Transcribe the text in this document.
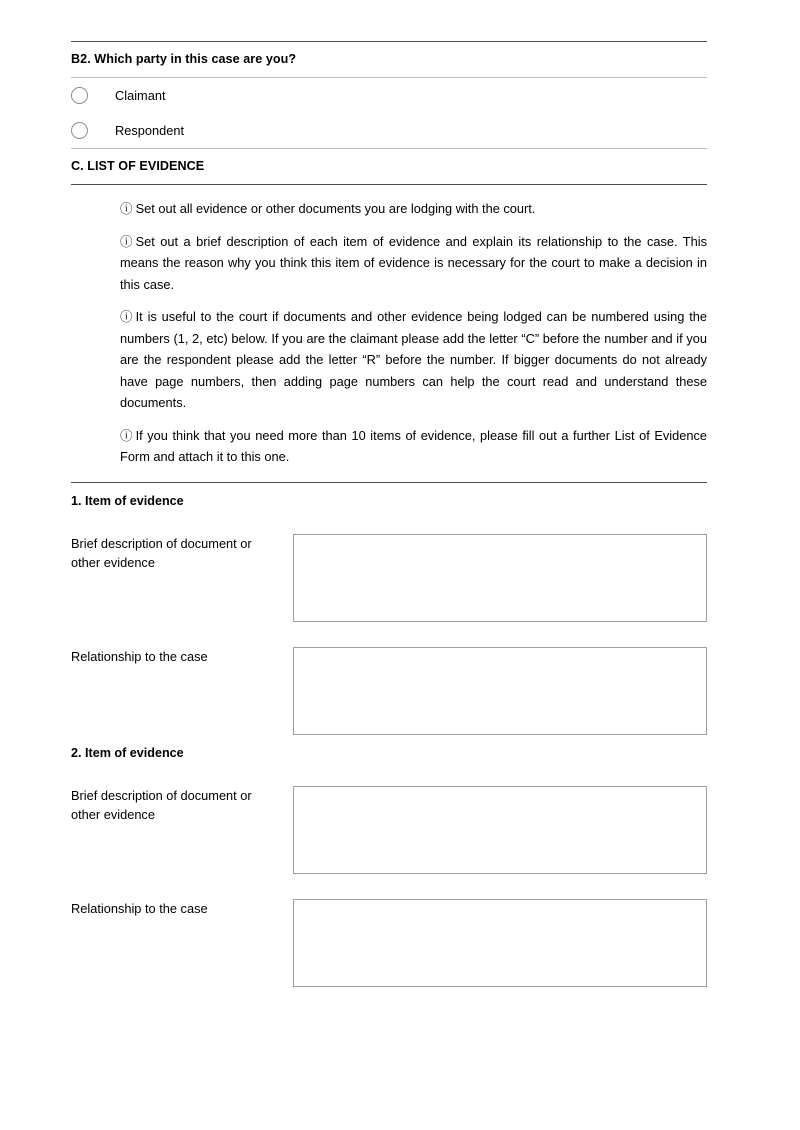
B2. Which party in this case are you?
Claimant
Respondent
C. LIST OF EVIDENCE

ⓘ Set out all evidence or other documents you are lodging with the court.

ⓘ Set out a brief description of each item of evidence and explain its relationship to the case. This means the reason why you think this item of evidence is necessary for the court to make a decision in this case.

ⓘ It is useful to the court if documents and other evidence being lodged can be numbered using the numbers (1, 2, etc) below. If you are the claimant please add the letter “C” before the number and if you are the respondent please add the letter “R” before the number. If bigger documents do not already have page numbers, then adding page numbers can help the court read and understand these documents.

ⓘ If you think that you need more than 10 items of evidence, please fill out a further List of Evidence Form and attach it to this one.

1. Item of evidence
Brief description of document or
other evidence
Relationship to the case
2. Item of evidence
Brief description of document or
other evidence
Relationship to the case
